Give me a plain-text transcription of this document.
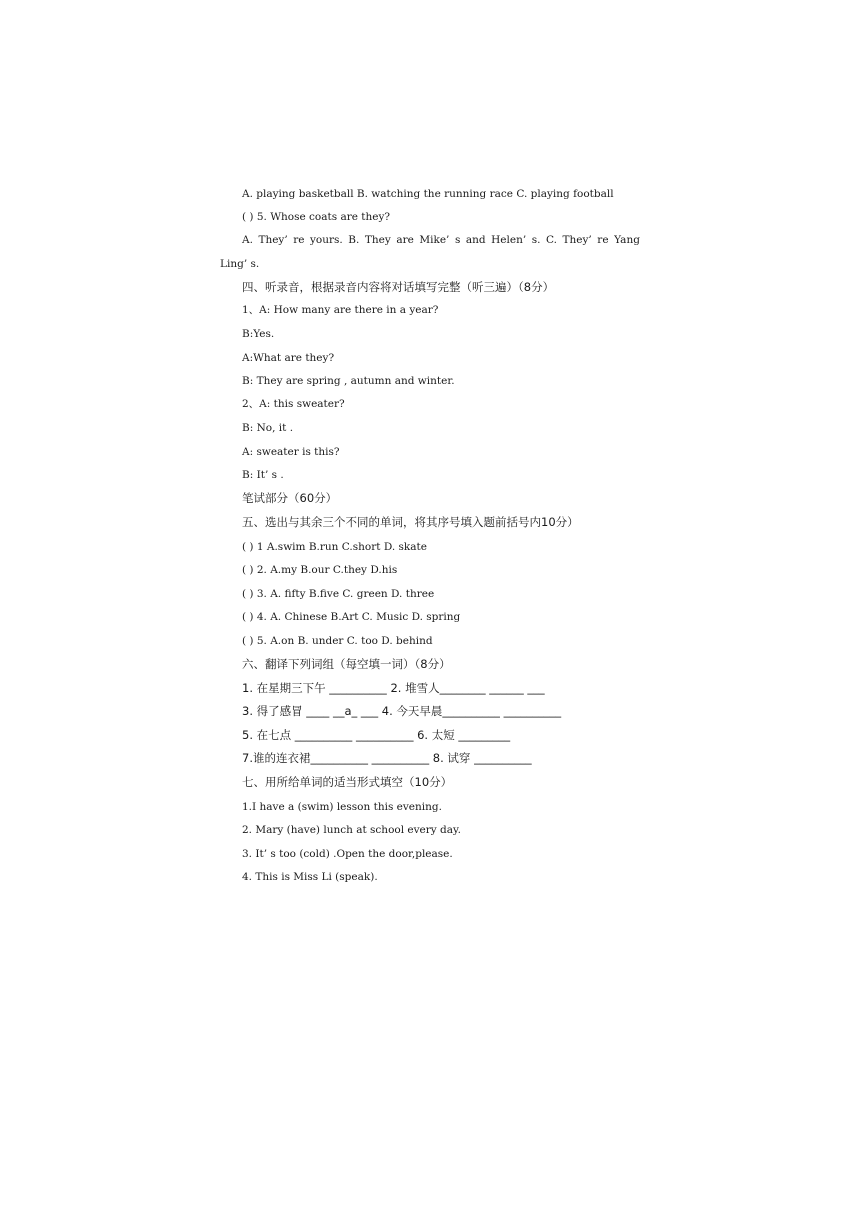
A. playing basketball B. watching the running race C. playing football
( ) 5. Whose coats are they?
A. They’ re yours. B. They are Mike’ s and Helen’ s. C. They’ re Yang
Ling’ s.
四、听录音，根据录音内容将对话填写完整（听三遍）（8分）
1、A: How many are there in a year?
B:Yes.
A:What are they?
B: They are spring , autumn and winter.
2、A: this sweater?
B: No, it .
A: sweater is this?
B: It’ s .
笔试部分（60分）
五、选出与其余三个不同的单词，将其序号填入题前括号内10分）
( ) 1 A.swim B.run C.short D. skate
( ) 2. A.my B.our C.they D.his
( ) 3. A. fifty B.five C. green D. three
( ) 4. A. Chinese B.Art C. Music D. spring
( ) 5. A.on B. under C. too D. behind
六、翻译下列词组（每空填一词）（8分）
1. 在星期三下午 __________ 2. 堆雪人________ ______ ___
3. 得了感冒 ____ __a_ ___ 4. 今天早晨__________ __________
5. 在七点 __________ __________ 6. 太短 _________
7.谁的连衣裙__________ __________ 8. 试穿 __________
七、用所给单词的适当形式填空（10分）
1.I have a (swim) lesson this evening.
2. Mary (have) lunch at school every day.
3. It’ s too (cold) .Open the door,please.
4. This is Miss Li (speak).
